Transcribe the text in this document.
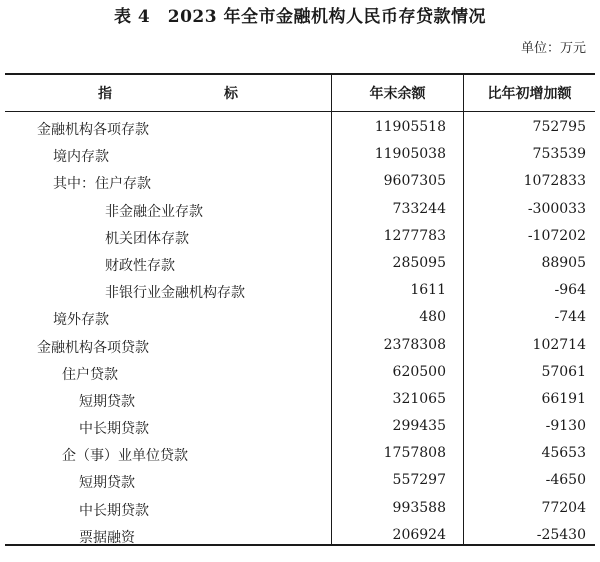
表 4　2023 年全市金融机构人民币存贷款情况
单位：万元
指　　标	年末余额	比年初增加额
金融机构各项存款	11905518	752795
境内存款	11905038	753539
其中：住户存款	9607305	1072833
非金融企业存款	733244	-300033
机关团体存款	1277783	-107202
财政性存款	285095	88905
非银行业金融机构存款	1611	-964
境外存款	480	-744
金融机构各项贷款	2378308	102714
住户贷款	620500	57061
短期贷款	321065	66191
中长期贷款	299435	-9130
企（事）业单位贷款	1757808	45653
短期贷款	557297	-4650
中长期贷款	993588	77204
票据融资	206924	-25430
